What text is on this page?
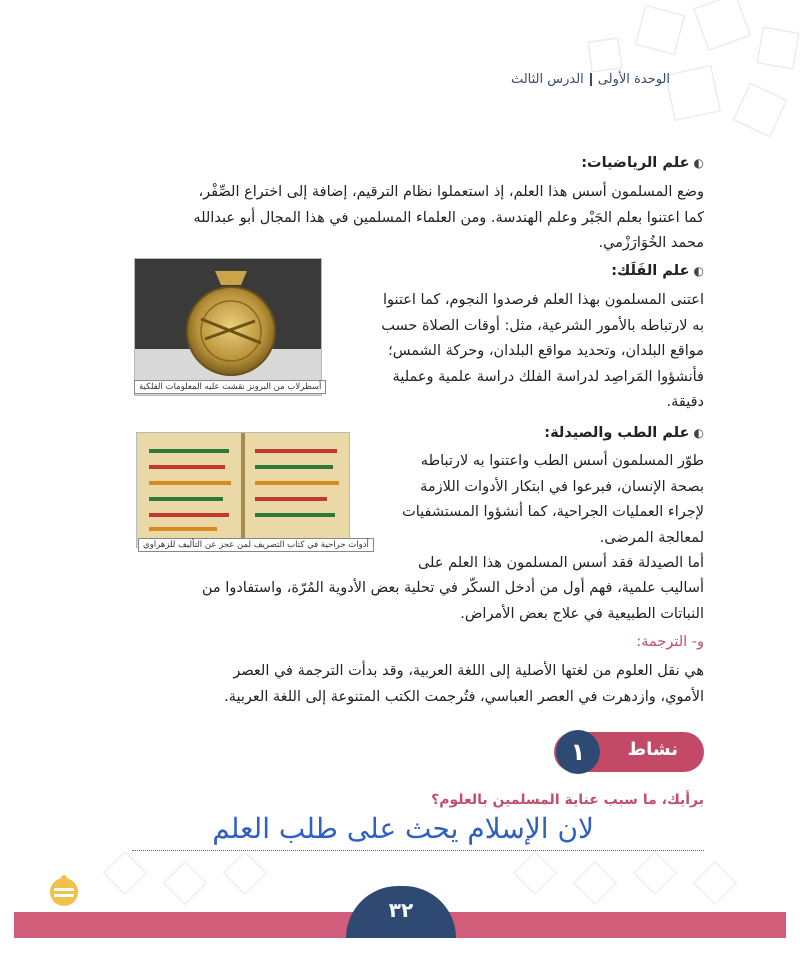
الوحدة الأولىالدرس الثالث
◐علم الرياضيات:
وضع المسلمون أسس هذا العلم، إذ استعملوا نظام الترقيم، إضافة إلى اختراع الصِّفْر،
كما اعتنوا بعلم الجَبْر وعلم الهندسة. ومن العلماء المسلمين في هذا المجال أبو عبدالله
محمد الخُوَارَزْمي.
◐علم الفَلَك:
اعتنى المسلمون بهذا العلم فرصدوا النجوم، كما اعتنوا
به لارتباطه بالأمور الشرعية، مثل: أوقات الصلاة حسب
مواقع البلدان، وتحديد مواقع البلدان، وحركة الشمس؛
فأنشؤوا المَراصِد لدراسة الفلك دراسة علمية وعملية
دقيقة.
أسطرلاب من البرونز نقشت عليه المعلومات الفلكية
◐علم الطب والصيدلة:
طوّر المسلمون أسس الطب واعتنوا به لارتباطه
بصحة الإنسان، فبرعوا في ابتكار الأدوات اللازمة
لإجراء العمليات الجراحية، كما أنشؤوا المستشفيات
لمعالجة المرضى.
أما الصيدلة فقد أسس المسلمون هذا العلم على
أساليب علمية، فهم أول من أدخل السكّر في تحلية بعض الأدوية المُرّة، واستفادوا من
النباتات الطبيعية في علاج بعض الأمراض.
أدوات جراحية في كتاب التصريف لمن عجز عن التأليف للزهراوي
و- الترجمة:
هي نقل العلوم من لغتها الأصلية إلى اللغة العربية، وقد بدأت الترجمة في العصر
الأموي، وازدهرت في العصر العباسي، فتُرجمت الكتب المتنوعة إلى اللغة العربية.
نشاط
١
برأيك، ما سبب عناية المسلمين بالعلوم؟
لان الإسلام يحث على طلب العلم
٣٢
